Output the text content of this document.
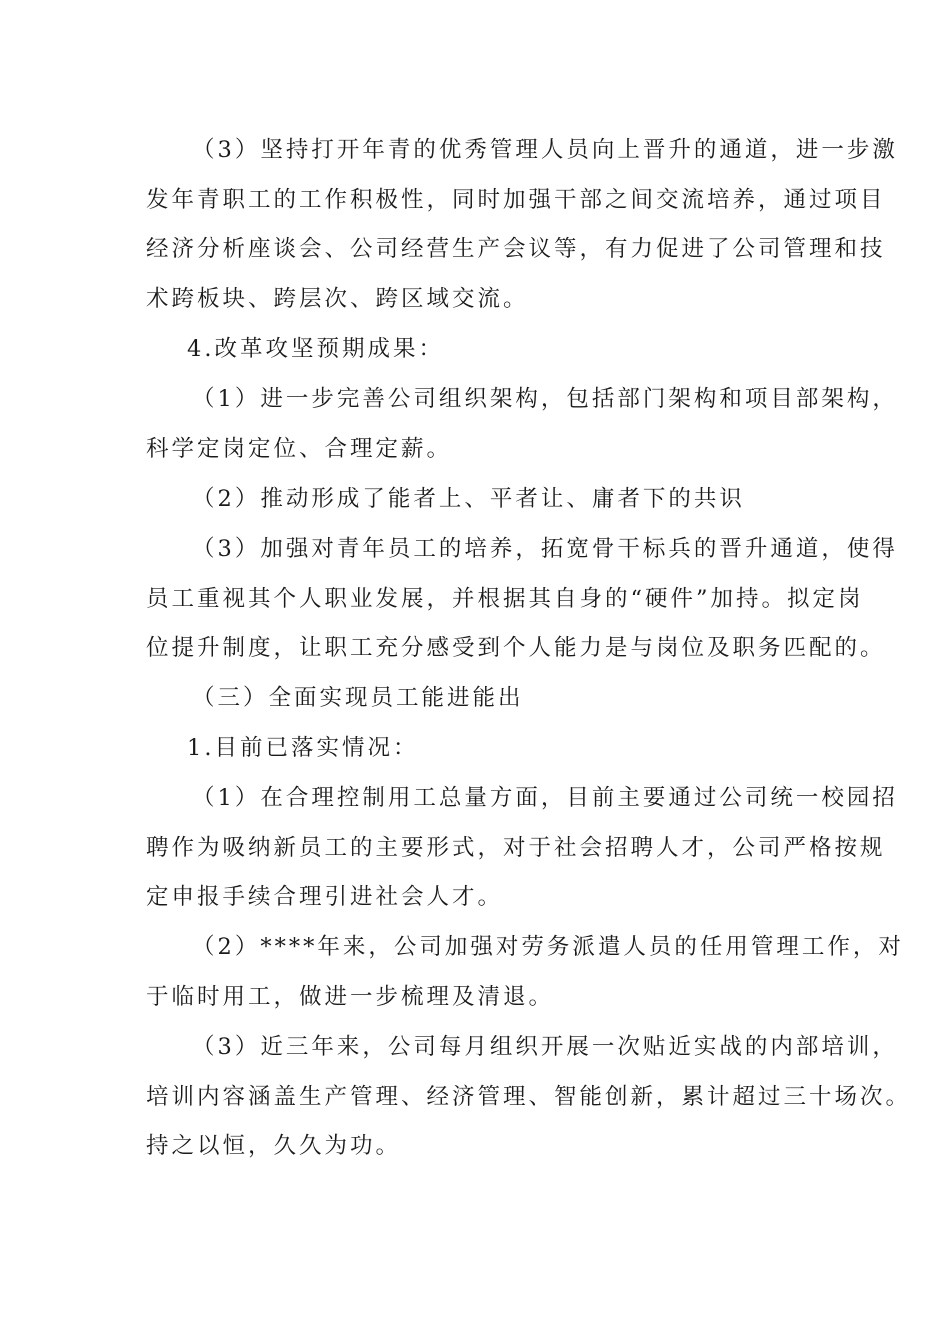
（3）坚持打开年青的优秀管理人员向上晋升的通道，进一步激
发年青职工的工作积极性，同时加强干部之间交流培养，通过项目
经济分析座谈会、公司经营生产会议等，有力促进了公司管理和技
术跨板块、跨层次、跨区域交流。
4.改革攻坚预期成果：
（1）进一步完善公司组织架构，包括部门架构和项目部架构，
科学定岗定位、合理定薪。
（2）推动形成了能者上、平者让、庸者下的共识
（3）加强对青年员工的培养，拓宽骨干标兵的晋升通道，使得
员工重视其个人职业发展，并根据其自身的“硬件”加持。拟定岗
位提升制度，让职工充分感受到个人能力是与岗位及职务匹配的。
（三）全面实现员工能进能出
1.目前已落实情况：
（1）在合理控制用工总量方面，目前主要通过公司统一校园招
聘作为吸纳新员工的主要形式，对于社会招聘人才，公司严格按规
定申报手续合理引进社会人才。
（2）****年来，公司加强对劳务派遣人员的任用管理工作，对
于临时用工，做进一步梳理及清退。
（3）近三年来，公司每月组织开展一次贴近实战的内部培训，
培训内容涵盖生产管理、经济管理、智能创新，累计超过三十场次。
持之以恒，久久为功。
